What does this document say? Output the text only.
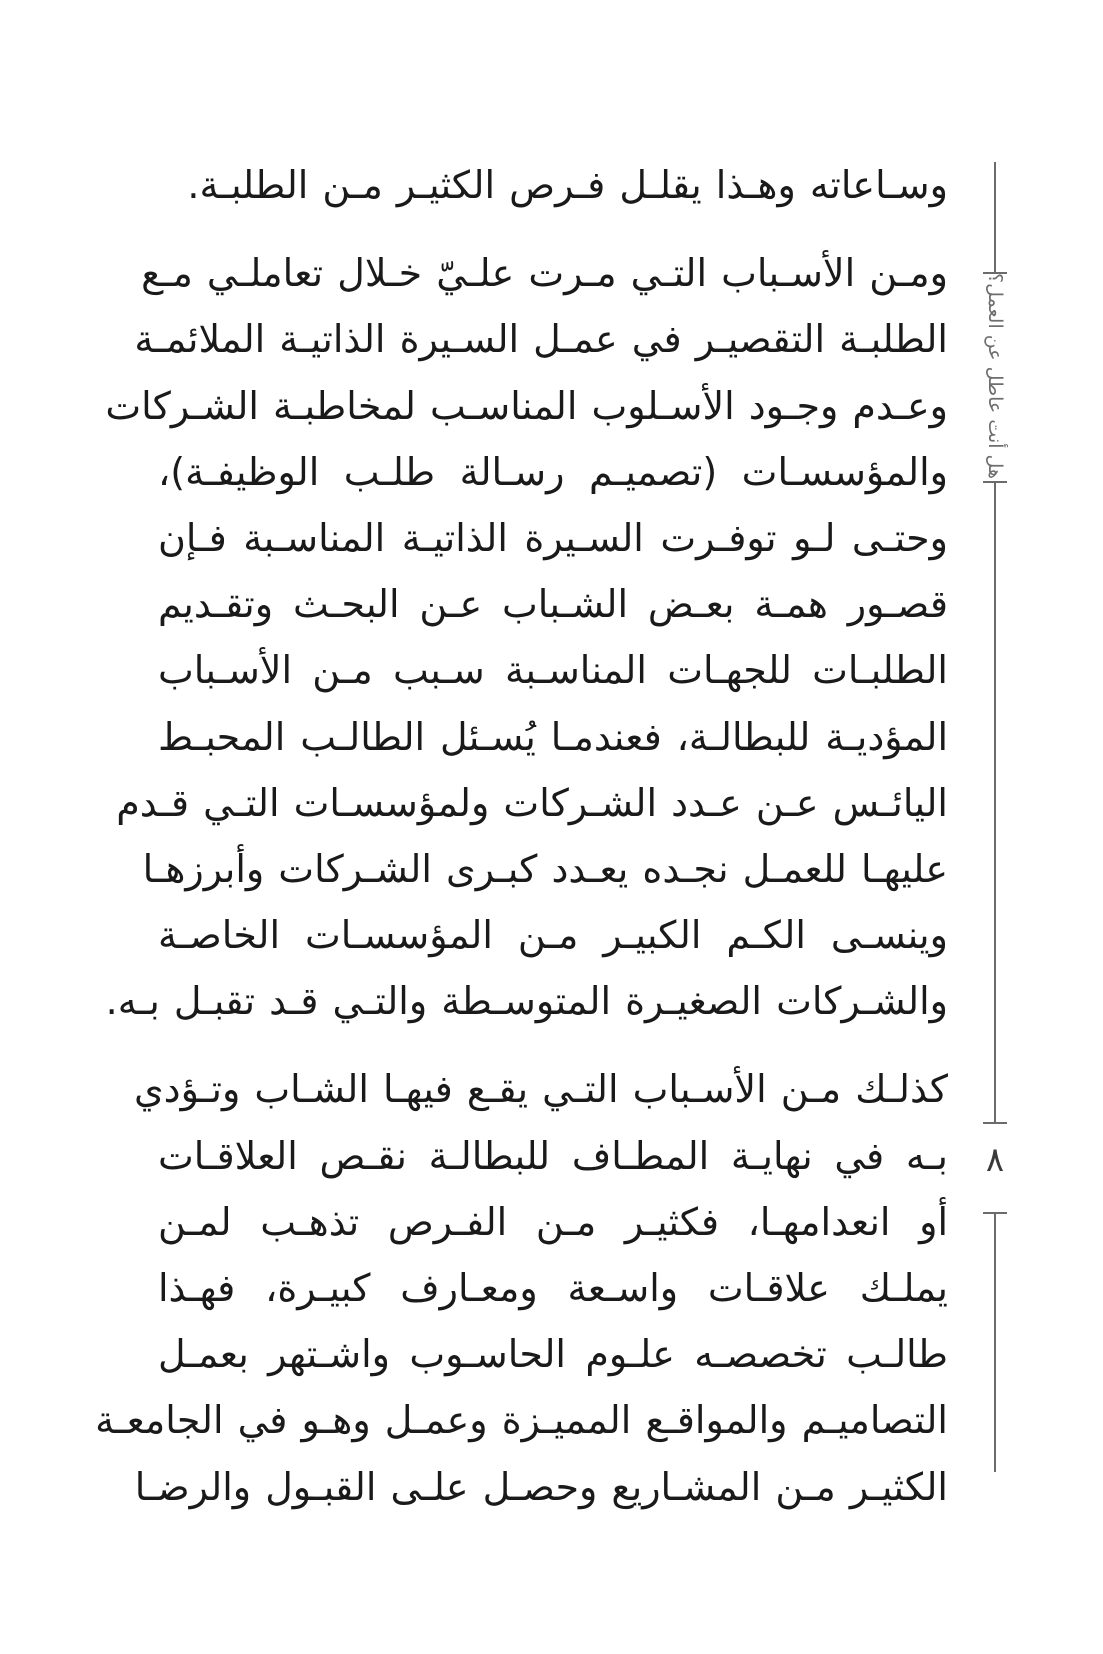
هل أنت عاطل عن العمل؟
٨
وسـاعاته وهـذا يقلـل فـرص الكثيـر مـن الطلبـة.
ومـن الأسـباب التـي مـرت علـيّ خـلال تعاملـي مـع
الطلبـة التقصيـر في عمـل السـيرة الذاتيـة الملائمـة
وعـدم وجـود الأسـلوب المناسـب لمخاطبـة الشـركات
والمؤسسـات (تصميـم رسـالة طلـب الوظيفـة)،
وحتـى لـو توفـرت السـيرة الذاتيـة المناسـبة فـإن
قصـور همـة بعـض الشـباب عـن البحـث وتقـديم
الطلبـات للجهـات المناسـبة سـبب مـن الأسـباب
المؤديـة للبطالـة، فعندمـا يُسـئل الطالـب المحبـط
اليائـس عـن عـدد الشـركات ولمؤسسـات التـي قـدم
عليهـا للعمـل نجـده يعـدد كبـرى الشـركات وأبرزهـا
وينسـى الكـم الكبيـر مـن المؤسسـات الخاصـة
والشـركات الصغيـرة المتوسـطة والتـي قـد تقبـل بـه.
كذلـك مـن الأسـباب التـي يقـع فيهـا الشـاب وتـؤدي
بـه في نهايـة المطـاف للبطالـة نقـص العلاقـات
أو انعدامهـا، فكثيـر مـن الفـرص تذهـب لمـن
يملـك علاقـات واسـعة ومعـارف كبيـرة، فهـذا
طالـب تخصصـه علـوم الحاسـوب واشـتهر بعمـل
التصاميـم والمواقـع المميـزة وعمـل وهـو في الجامعـة
الكثيـر مـن المشـاريع وحصـل علـى القبـول والرضـا
